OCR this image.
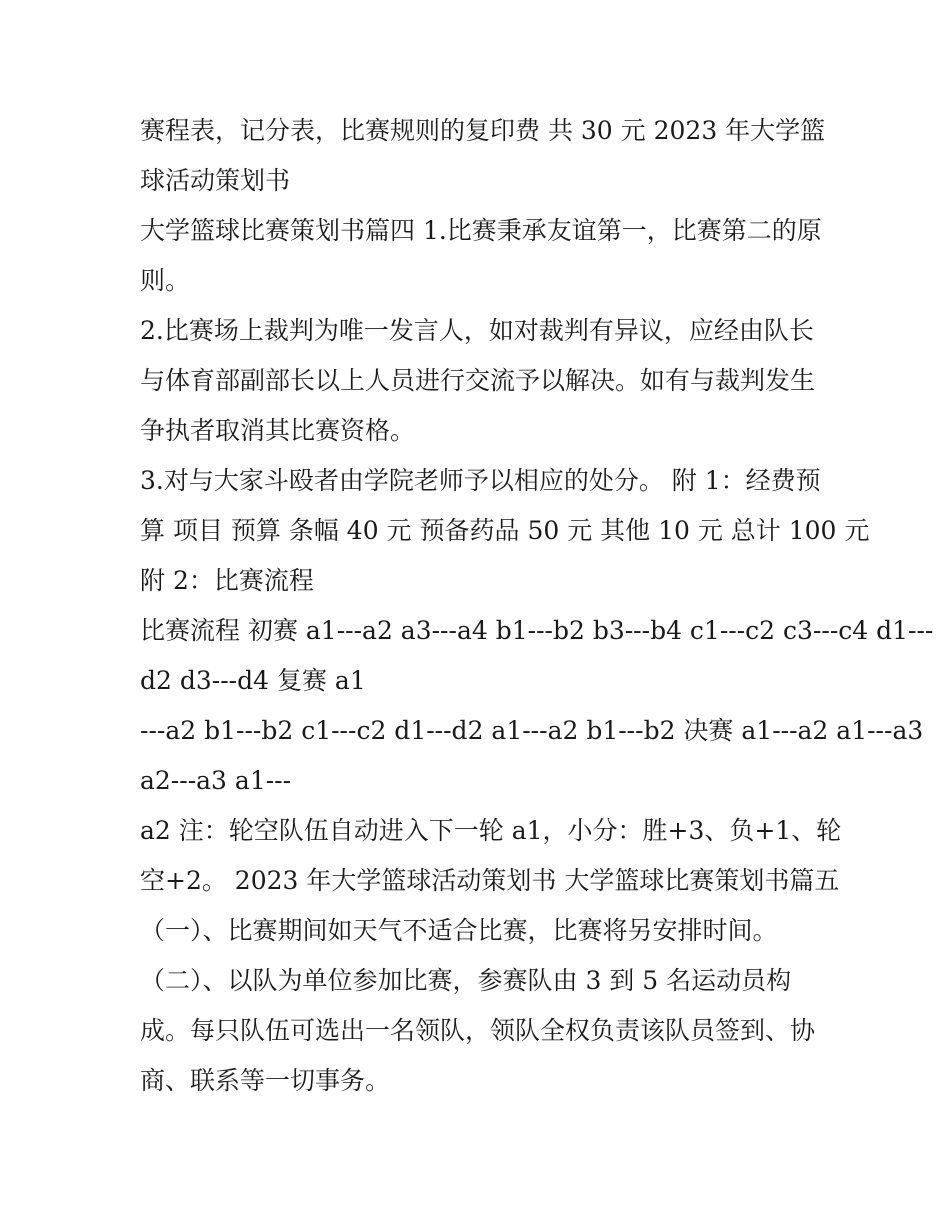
赛程表，记分表，比赛规则的复印费 共 30 元 2023 年大学篮
球活动策划书

大学篮球比赛策划书篇四 1.比赛秉承友谊第一，比赛第二的原
则。

2.比赛场上裁判为唯一发言人，如对裁判有异议，应经由队长
与体育部副部长以上人员进行交流予以解决。如有与裁判发生
争执者取消其比赛资格。

3.对与大家斗殴者由学院老师予以相应的处分。 附 1：经费预
算 项目 预算 条幅 40 元 预备药品 50 元 其他 10 元 总计 100 元
附 2：比赛流程

比赛流程 初赛 a1---a2 a3---a4 b1---b2 b3---b4 c1---c2 c3---c4 d1---
d2 d3---d4 复赛 a1

---a2 b1---b2 c1---c2 d1---d2 a1---a2 b1---b2 决赛 a1---a2 a1---a3
a2---a3 a1---

a2 注：轮空队伍自动进入下一轮 a1，小分：胜+3、负+1、轮
空+2。 2023 年大学篮球活动策划书 大学篮球比赛策划书篇五
（一）、比赛期间如天气不适合比赛，比赛将另安排时间。
（二）、以队为单位参加比赛，参赛队由 3 到 5 名运动员构
成。每只队伍可选出一名领队，领队全权负责该队员签到、协
商、联系等一切事务。
